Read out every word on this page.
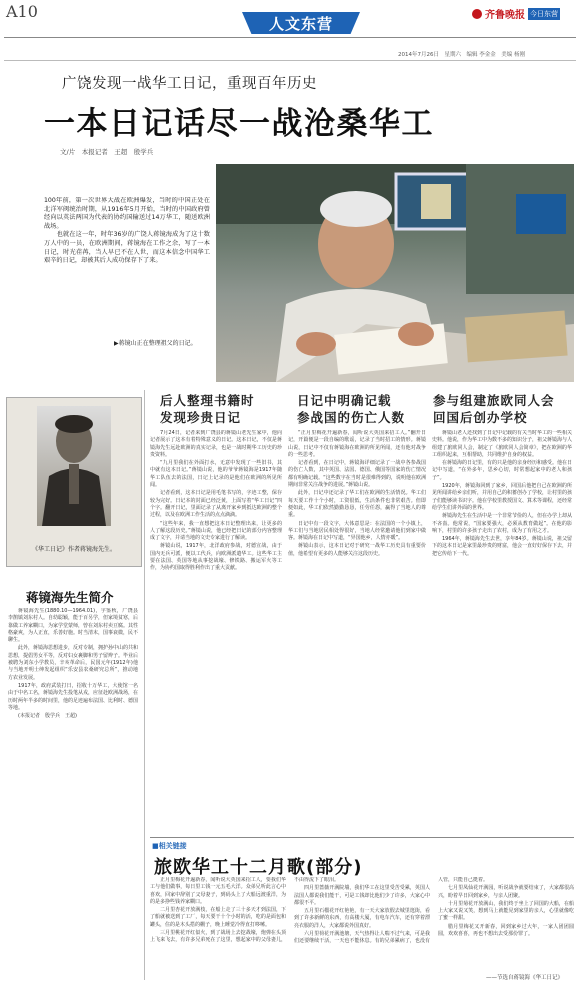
A10
人文东营	齐鲁晚报 今日东营
2014年7月26日　星期六　编辑 李金金　美编 杨刚
广饶发现一战华工日记，重现百年历史
一本日记话尽一战沧桑华工
文/片　本报记者　王超　殷学兵
100年前，第一次世界大战在欧洲爆发，当时的中国正处在北洋军阀统治时期，从1916年5月开始，当时的中国政府曾经向以英法两国为代表的协约国输送过14万华工，随送欧洲战场。
　　也就在这一年，时年36岁的广饶人蒋镜海成为了这十数万人中的一员，在欧洲期间，蒋镜海在工作之余，写了一本日记，时光荏苒，当人早已不在人世，而这本信念中国华工艰辛的日记，却被其后人成功保存下了来。
▶蒋镜山正在整理祖父的日记。
《华工日记》作者蒋镜海先生。
蒋镜海先生简介

蒋镜海先生(1880.10—1964.01)，字鉴秋，广饶县李鹊镇刘东村人。自幼聪颖，能于百另学，但家境贫寒，后靠做工养家糊口，为家学堂蒙师，曾在刘东村卖豆腐。其性格豪爽，为人正直，乐善好施。时当清末，国事衰微，民不聊生。

此外，蒋镜海思想进步，反对专制，拥护孙中山的共和思想，提倡男女平等，反对妇女裹脚和男子留辫子。毕业后被聘为刘东小学教员，辛亥革命后，民国元年(1912年)他与当地开明士绅发起组织“乐安县农桑研究总所”，推动地方农业发展。

1917年，政府武装打日，招收十万华工，大使馆一名由于中名工名，蒋镜海先生投笔从戎，应征赴欧洲战场，在历时两年半多的时间里，他的足迹遍布法国、比利时、德国等地。

(本报记者　殷学兵　王超)

后人整理书籍时
发现珍贵日记

7月24日，记者来到广饶县的蒋镜山老先生家中，他向记者展示了这本有着特殊意义的日记。这本日记，不仅是蒋镜海先生远赴欧洲的真实记录，也是一战时期华工历史的珍贵资料。

“九月里我们在外面打水，无意中发现了一些旧书，其中就有这本日记。”蒋镜山说，他的爷爷蒋镜海是1917年随华工队伍去的法国，日记上记录的是他们在欧洲的所见所闻。

记者看到，这本日记是用毛笔书写的，字迹工整，保存较为完好。日记本的封面已经泛黄，上面写着“华工日记”四个字。翻开日记，里面记录了从离开家乡到抵达欧洲的整个过程，以及在欧洲工作生活的点点滴滴。

“这些年来，我一直想把这本日记整理出来，让更多的人了解这段历史。”蒋镜山说，他已经把日记的部分内容整理成了文字，并请当地的文史专家进行了解读。

蒋镜山说，1917年，北洋政府参战，对德宣战，由于国内无兵可派，便以工代兵，向欧洲派遣华工。这些华工主要在法国、英国等地从事挖战壕、修铁路、搬运军火等工作，为协约国取得胜利作出了重大贡献。

日记中明确记载
参战国的伤亡人数

“正月里梅花开遍新春，闻听说大英国来招工人。”翻开日记，开篇便是一段自编的歌谣，记录了当时招工的情形。蒋镜山说，日记中不仅有蒋镜海在欧洲的所见所闻，还有他对战争的一些思考。

记者看到，在日记中，蒋镜海详细记录了一战中各参战国的伤亡人数，其中英国、法国、德国、俄国等国家的伤亡情况都有明确记载。“这些数字在当时是很难得到的，说明他在欧洲期间非常关注战争的进展。”蒋镜山说。

此外，日记中还记录了华工们在欧洲的生活情况。华工们每天要工作十个小时，工资很低，生活条件也非常艰苦。但即便如此，华工们依然勤勤恳恳，任劳任怨，赢得了当地人的尊重。

日记中有一段文字，大体意思是：在法国的一个小镇上，华工们与当地居民相处得很好，当地人经常邀请他们到家中做客。蒋镜海在日记中写道，“异国他乡，人情亦暖”。

蒋镜山表示，这本日记对于研究一战华工历史具有重要价值，他希望有更多的人能够关注这段历史。

参与组建旅欧同人会
回国后创办学校

蒋镜山老人还找到了日记中记载的有关当时华工的一些相关史料。他说，作为华工中为数不多的知识分子，祖父蒋镜海与人组建了旅欧同人会，制定了《旅欧同人会简章》，把在欧洲的华工组织起来，互相帮助，共同维护自身的权益。

在蒋镜海的日记里，有的只是他的亲身经历和感受。他在日记中写道，“在外多年，思乡心切，时常想起家中的老人和孩子”。

1920年，蒋镜海回到了家乡，回国后他把自己在欧洲的所见所闻讲给乡亲们听，并用自己的积蓄创办了学校，让村里的孩子们能够读书识字。他在学校里教授国文、算术等课程，还经常给学生们讲外面的世界。

蒋镜海先生在生活中是一个非常节俭的人，但在办学上却从不吝啬。他常说，“国家要强大，必须从教育做起”。在他的影响下，村里的许多孩子走出了农村，成为了有用之才。

1964年，蒋镜海先生去世，享年84岁。蒋镜山说，祖父留下的这本日记是家里最珍贵的财富，他会一直好好保存下去，并把它传给下一代。

■相关链接
旅欧华工十二月歌(部分)

正月里梅花开遍新春，闻听说大英国来招工人，要我们华工与他们做事，每日里工钱一元五毛大洋。众弟兄听此言心中喜欢，回家中辞别了父母妻子，到码头上了大船远渡重洋，为的是多挣些钱养家糊口。

二月里杏花开放满枝，在船上走了三十多天才到法国，下了船就被送到了工厂，每天要干十个小时的活，吃的是面包和罐头，住的是木头搭的棚子，晚上睡觉冷得直打哆嗦。

三月里桃花开红似火，到了战场上去挖战壕，炮弹在头顶上飞来飞去，有许多兄弟死在了这里，想起家中的父母妻儿，不由得流下了眼泪。

四月里蔷薇开满院墙，我们华工在这里受苦受累，英国人法国人都说我们能干，可是工钱却比他们少了许多，大家心中都很不平。

五月里石榴花开红艳艳，有一天大家放假去城里逛街，看到了许多新鲜的东西，有高楼大厦，有电车汽车，还有穿着漂亮衣服的洋人，大家都说外国真好。

六月里荷花开满池塘，天气热得让人喘不过气来，可是我们还要继续干活，一天也不能休息。有的兄弟累病了，也没有人管，只能自己挺着。

七月里凤仙花开满园，听说战争就要结束了，大家都很高兴，盼着早日回到家乡，与亲人团聚。

十月里菊花开放满山，我们终于坐上了回国的大船，在船上大家又说又笑，想到马上就能见到家里的亲人，心里就像吃了蜜一样甜。

腊月里梅花又开新春，回到家乡过大年，一家人团团圆圆，欢欢喜喜，再也不想出去受那份罪了。

——节选自蒋镜海《华工日记》
